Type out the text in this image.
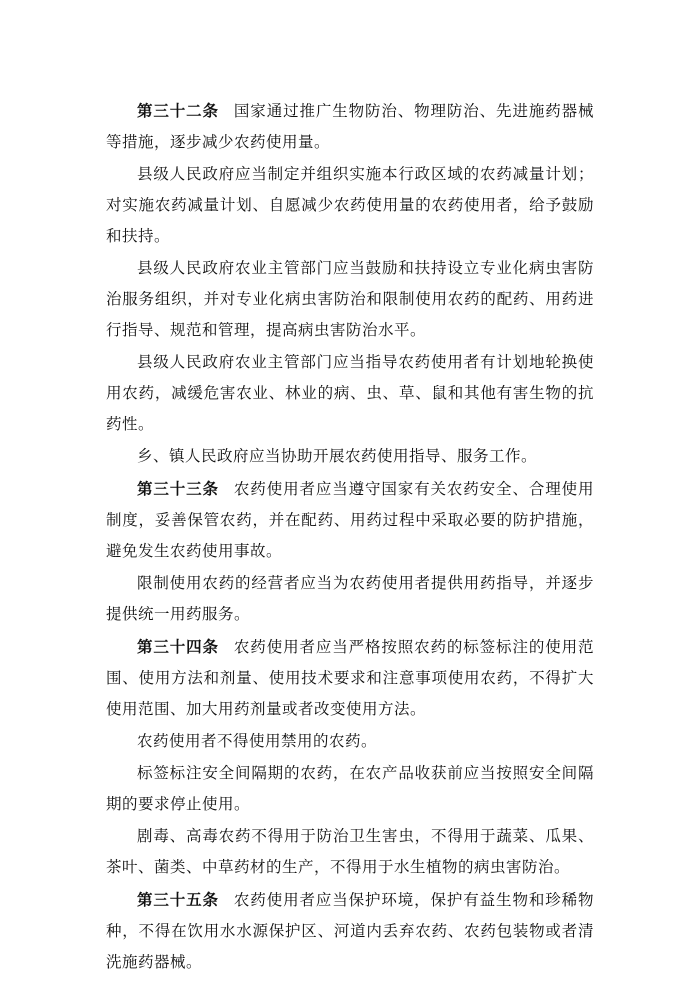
第三十二条 国家通过推广生物防治、物理防治、先进施药器械等措施，逐步减少农药使用量。

县级人民政府应当制定并组织实施本行政区域的农药减量计划；对实施农药减量计划、自愿减少农药使用量的农药使用者，给予鼓励和扶持。

县级人民政府农业主管部门应当鼓励和扶持设立专业化病虫害防治服务组织，并对专业化病虫害防治和限制使用农药的配药、用药进行指导、规范和管理，提高病虫害防治水平。

县级人民政府农业主管部门应当指导农药使用者有计划地轮换使用农药，减缓危害农业、林业的病、虫、草、鼠和其他有害生物的抗药性。

乡、镇人民政府应当协助开展农药使用指导、服务工作。

第三十三条 农药使用者应当遵守国家有关农药安全、合理使用制度，妥善保管农药，并在配药、用药过程中采取必要的防护措施，避免发生农药使用事故。

限制使用农药的经营者应当为农药使用者提供用药指导，并逐步提供统一用药服务。

第三十四条 农药使用者应当严格按照农药的标签标注的使用范围、使用方法和剂量、使用技术要求和注意事项使用农药，不得扩大使用范围、加大用药剂量或者改变使用方法。

农药使用者不得使用禁用的农药。

标签标注安全间隔期的农药，在农产品收获前应当按照安全间隔期的要求停止使用。

剧毒、高毒农药不得用于防治卫生害虫，不得用于蔬菜、瓜果、茶叶、菌类、中草药材的生产，不得用于水生植物的病虫害防治。

第三十五条 农药使用者应当保护环境，保护有益生物和珍稀物种，不得在饮用水水源保护区、河道内丢弃农药、农药包装物或者清洗施药器械。
